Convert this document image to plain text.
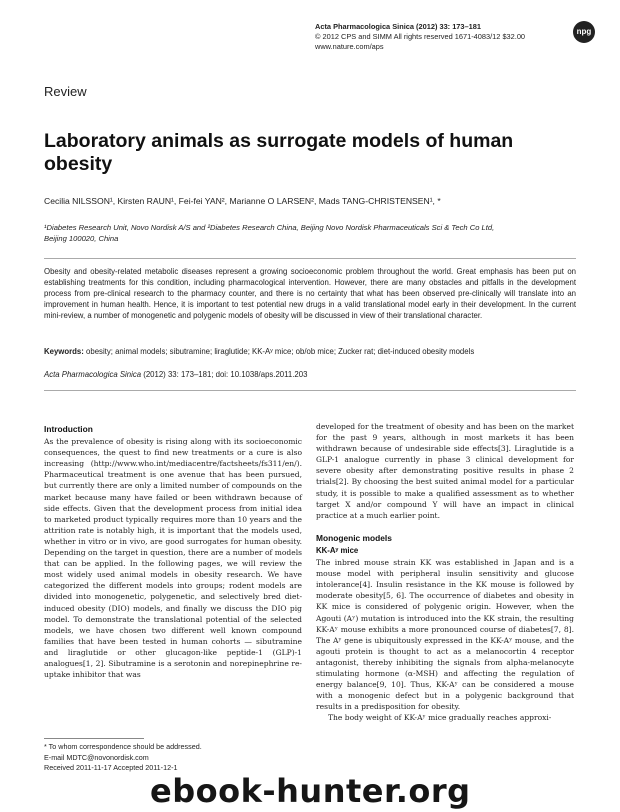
Acta Pharmacologica Sinica (2012) 33: 173–181
© 2012 CPS and SIMM All rights reserved 1671-4083/12 $32.00
www.nature.com/aps
npg
Review
Laboratory animals as surrogate models of human obesity
Cecilia NILSSON¹, Kirsten RAUN¹, Fei-fei YAN², Marianne O LARSEN², Mads TANG-CHRISTENSEN¹, *
¹Diabetes Research Unit, Novo Nordisk A/S and ²Diabetes Research China, Beijing Novo Nordisk Pharmaceuticals Sci & Tech Co Ltd,
Beijing 100020, China
Obesity and obesity-related metabolic diseases represent a growing socioeconomic problem throughout the world. Great emphasis has been put on establishing treatments for this condition, including pharmacological intervention. However, there are many obstacles and pitfalls in the development process from pre-clinical research to the pharmacy counter, and there is no certainty that what has been observed pre-clinically will translate into an improvement in human health. Hence, it is important to test potential new drugs in a valid translational model early in their development. In the current mini-review, a number of monogenetic and polygenic models of obesity will be discussed in view of their translational character.
Keywords: obesity; animal models; sibutramine; liraglutide; KK-Aʸ mice; ob/ob mice; Zucker rat; diet-induced obesity models
Acta Pharmacologica Sinica (2012) 33: 173–181; doi: 10.1038/aps.2011.203
Introduction

As the prevalence of obesity is rising along with its socioeconomic consequences, the quest to find new treatments or a cure is also increasing (http://www.who.int/mediacentre/factsheets/fs311/en/). Pharmaceutical treatment is one avenue that has been pursued, but currently there are only a limited number of compounds on the market because many have failed or been withdrawn because of side effects. Given that the development process from initial idea to marketed product typically requires more than 10 years and the attrition rate is notably high, it is important that the models used, whether in vitro or in vivo, are good surrogates for human obesity. Depending on the target in question, there are a number of models that can be applied. In the following pages, we will review the most widely used animal models in obesity research. We have categorized the different models into groups; rodent models are divided into monogenetic, polygenetic, and selectively bred diet-induced obesity (DIO) models, and finally we discuss the DIO pig model. To demonstrate the translational potential of the selected models, we have chosen two different well known compound families that have been tested in human cohorts — sibutramine and liraglutide or other glucagon-like peptide-1 (GLP)-1 analogues[1, 2]. Sibutramine is a serotonin and norepinephrine re-uptake inhibitor that was

developed for the treatment of obesity and has been on the market for the past 9 years, although in most markets it has been withdrawn because of undesirable side effects[3]. Liraglutide is a GLP-1 analogue currently in phase 3 clinical development for severe obesity after demonstrating positive results in phase 2 trials[2]. By choosing the best suited animal model for a particular study, it is possible to make a qualified assessment as to whether target X and/or compound Y will have an impact in clinical practice at a much earlier point.

Monogenic models
KK-Aʸ mice

The inbred mouse strain KK was established in Japan and is a mouse model with peripheral insulin sensitivity and glucose intolerance[4]. Insulin resistance in the KK mouse is followed by moderate obesity[5, 6]. The occurrence of diabetes and obesity in KK mice is considered of polygenic origin. However, when the Agouti (Aʸ) mutation is introduced into the KK strain, the resulting KK-Aʸ mouse exhibits a more pronounced course of diabetes[7, 8]. The Aʸ gene is ubiquitously expressed in the KK-Aʸ mouse, and the agouti protein is thought to act as a melanocortin 4 receptor antagonist, thereby inhibiting the signals from alpha-melanocyte stimulating hormone (α-MSH) and affecting the regulation of energy balance[9, 10]. Thus, KK-Aʸ can be considered a mouse with a monogenic defect but in a polygenic background that results in a predisposition for obesity.

The body weight of KK-Aʸ mice gradually reaches approxi-

* To whom correspondence should be addressed.
E-mail MDTC@novonordisk.com
Received 2011-11-17 Accepted 2011-12-1
ebook-hunter.org
